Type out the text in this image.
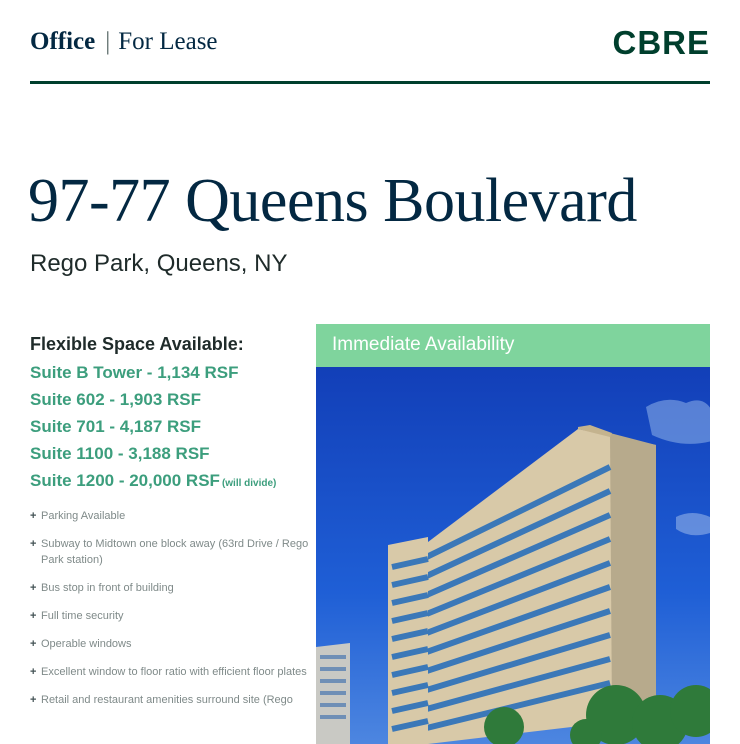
Office | For Lease	CBRE
97-77 Queens Boulevard
Rego Park, Queens, NY
Flexible Space Available:
Suite B Tower - 1,134 RSF
Suite 602 - 1,903 RSF
Suite 701 - 4,187 RSF
Suite 1100 - 3,188 RSF
Suite 1200 - 20,000 RSF (will divide)
+ Parking Available
+ Subway to Midtown one block away (63rd Drive / Rego Park station)
+ Bus stop in front of building
+ Full time security
+ Operable windows
+ Excellent window to floor ratio with efficient floor plates
+ Retail and restaurant amenities surround site (Rego
Immediate Availability
